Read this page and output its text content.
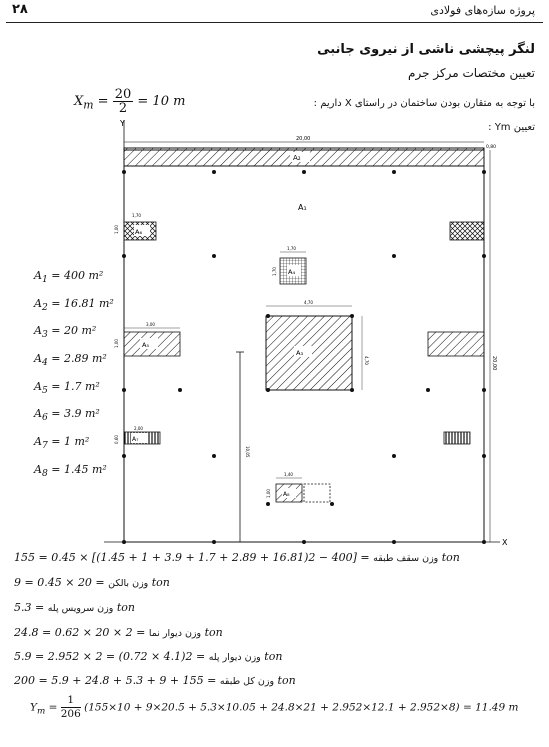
۲۸	پروژه سازه‌های فولادی
لنگر پیچشی ناشی از نیروی جانبی
تعیین مختصات مرکز جرم
$X_m = \frac{20}{2} = 10$ m	با توجه به متقارن بودن ساختمان در راستای X داریم :
تعیین Ym :
Y
X
A₂
20,00
20,00
0,80
A₁
A₆
1,70
1,00
A₄
1,70
1,70
A₃
4,70
4,70
A₅
3,00
1,00
10,05
A₇
2,00
0,60
A₈
1,40
1,00
$A_1 = 400$ m²
$A_2 = 16.81$ m²
$A_3 = 20$ m²
$A_4 = 2.89$ m²
$A_5 = 1.7$ m²
$A_6 = 3.9$ m²
$A_7 = 1$ m²
$A_8 = 1.45$ m²
وزن سقف طبقه = [400 − 2(16.81 + 2.89 + 1.7 + 3.9 + 1 + 1.45)] × 0.45 = 155 ton
وزن بالکن = 20 × 0.45 = 9 ton
وزن سرویس پله = 5.3 ton
وزن دیوار نما = 2 × 20 × 0.62 = 24.8 ton
وزن دیوار پله = 2(4.1 × 0.72) = 2 × 2.952 = 5.9 ton
وزن کل طبقه = 155 + 9 + 5.3 + 24.8 + 5.9 = 200 ton
$Y_m = \frac{1}{206} (155\times 10 + 9\times 20.5 + 5.3\times 10.05 + 24.8\times 21 + 2.952\times 12.1 + 2.952\times 8) = 11.49$ m
